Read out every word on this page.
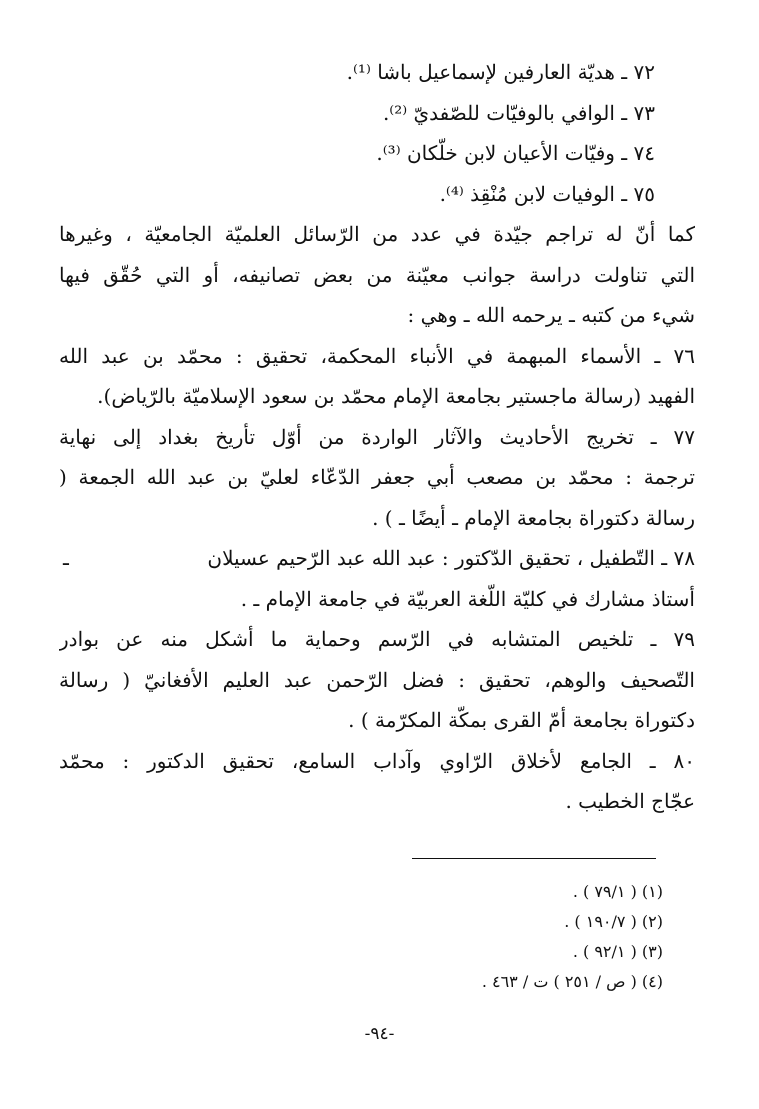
٧٢ ـ هديّة العارفين لإسماعيل باشا ⁽¹⁾.
٧٣ ـ الوافي بالوفيّات للصّفديّ ⁽²⁾.
٧٤ ـ وفيّات الأعيان لابن خلّكان ⁽³⁾.
٧٥ ـ الوفيات لابن مُنْقِذ ⁽⁴⁾.
كما أنّ له تراجم جيّدة في عدد من الرّسائل العلميّة الجامعيّة ، وغيرها
التي تناولت دراسة جوانب معيّنة من بعض تصانيفه، أو التي حُقّق فيها
شيء من كتبه ـ يرحمه الله ـ وهي :
٧٦ ـ الأسماء المبهمة في الأنباء المحكمة، تحقيق : محمّد بن عبد الله
الفهيد (رسالة ماجستير بجامعة الإمام محمّد بن سعود الإسلاميّة بالرّياض).
٧٧ ـ تخريج الأحاديث والآثار الواردة من أوّل تأريخ بغداد إلى نهاية
ترجمة : محمّد بن مصعب أبي جعفر الدّعّاء لعليّ بن عبد الله الجمعة (
رسالة دكتوراة بجامعة الإمام ـ أيضًا ـ ) .
٧٨ ـ التّطفيل ، تحقيق الدّكتور : عبد الله عبد الرّحيم عسيلان
ـ
أستاذ مشارك في كليّة اللّغة العربيّة في جامعة الإمام ـ .
٧٩ ـ تلخيص المتشابه في الرّسم وحماية ما أشكل منه عن بوادر
التّصحيف والوهم، تحقيق : فضل الرّحمن عبد العليم الأفغانيّ ( رسالة
دكتوراة بجامعة أمّ القرى بمكّة المكرّمة ) .
٨٠ ـ الجامع لأخلاق الرّاوي وآداب السامع، تحقيق الدكتور : محمّد
عجّاج الخطيب .
(١) ( ٧٩/١ ) .
(٢) ( ١٩٠/٧ ) .
(٣) ( ٩٢/١ ) .
(٤) ( ص / ٢٥١ ) ت / ٤٦٣ .
-٩٤-
